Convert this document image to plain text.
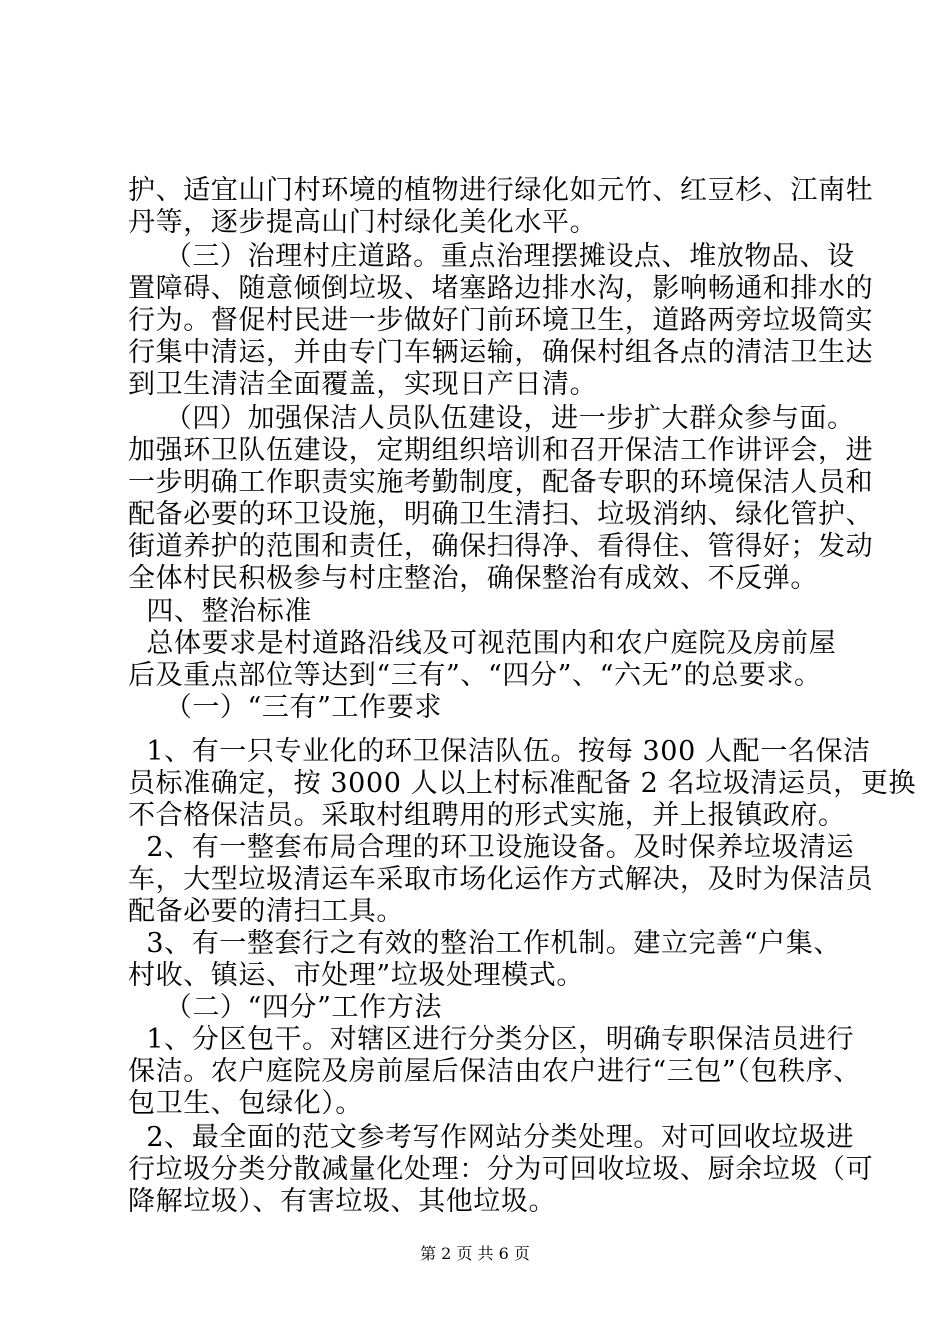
护、适宜山门村环境的植物进行绿化如元竹、红豆杉、江南牡
丹等，逐步提高山门村绿化美化水平。
（三）治理村庄道路。重点治理摆摊设点、堆放物品、设
置障碍、随意倾倒垃圾、堵塞路边排水沟，影响畅通和排水的
行为。督促村民进一步做好门前环境卫生，道路两旁垃圾筒实
行集中清运，并由专门车辆运输，确保村组各点的清洁卫生达
到卫生清洁全面覆盖，实现日产日清。
（四）加强保洁人员队伍建设，进一步扩大群众参与面。
加强环卫队伍建设，定期组织培训和召开保洁工作讲评会，进
一步明确工作职责实施考勤制度，配备专职的环境保洁人员和
配备必要的环卫设施，明确卫生清扫、垃圾消纳、绿化管护、
街道养护的范围和责任，确保扫得净、看得住、管得好；发动
全体村民积极参与村庄整治，确保整治有成效、不反弹。
四、整治标准
总体要求是村道路沿线及可视范围内和农户庭院及房前屋
后及重点部位等达到“三有”、“四分”、“六无”的总要求。
（一）“三有”工作要求
1、有一只专业化的环卫保洁队伍。按每 300 人配一名保洁
员标准确定，按 3000 人以上村标准配备 2 名垃圾清运员，更换
不合格保洁员。采取村组聘用的形式实施，并上报镇政府。
2、有一整套布局合理的环卫设施设备。及时保养垃圾清运
车，大型垃圾清运车采取市场化运作方式解决，及时为保洁员
配备必要的清扫工具。
3、有一整套行之有效的整治工作机制。建立完善“户集、
村收、镇运、市处理”垃圾处理模式。
（二）“四分”工作方法
1、分区包干。对辖区进行分类分区，明确专职保洁员进行
保洁。农户庭院及房前屋后保洁由农户进行“三包”（包秩序、
包卫生、包绿化）。
2、最全面的范文参考写作网站分类处理。对可回收垃圾进
行垃圾分类分散减量化处理：分为可回收垃圾、厨余垃圾（可
降解垃圾）、有害垃圾、其他垃圾。
第 2 页 共 6 页
